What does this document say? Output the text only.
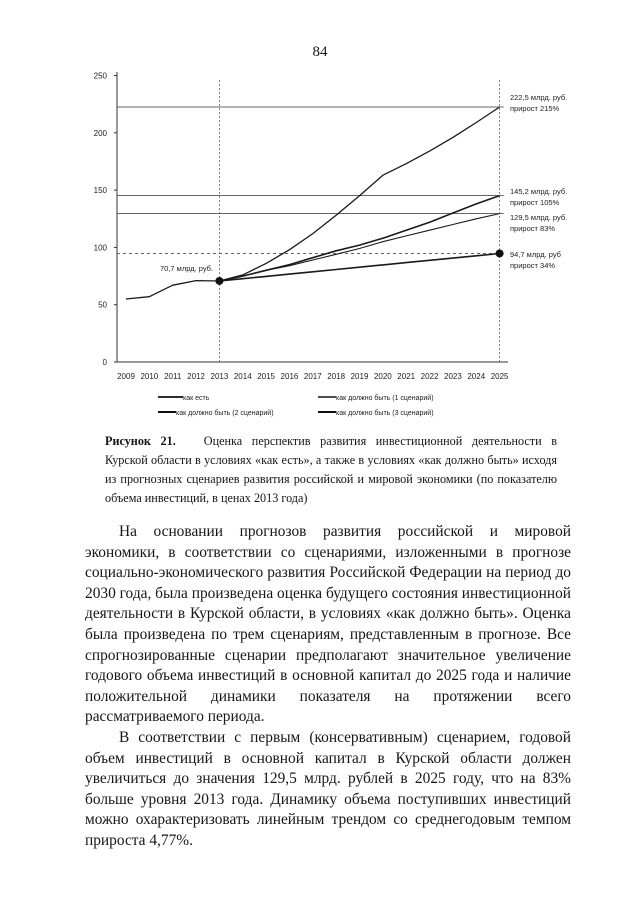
84
0
50
100
150
200
250
2009 2010 2011 2012 2013 2014 2015 2016 2017 2018 2019 2020 2021 2022 2023 2024 2025
222,5 млрд. руб.
прирост 215%
145,2 млрд. руб.
прирост 105%
129,5 млрд. руб.
прирост 83%
94,7 млрд. руб
прирост 34%
70,7 млрд. руб.
как есть	как должно быть (1 сценарий)
как должно быть (2 сценарий)	как должно быть (3 сценарий)
Рисунок 21. Оценка перспектив развития инвестиционной деятельности в Курской области в условиях «как есть», а также в условиях «как должно быть» исходя из прогнозных сценариев развития российской и мировой экономики (по показателю объема инвестиций, в ценах 2013 года)

На основании прогнозов развития российской и мировой экономики, в соответствии со сценариями, изложенными в прогнозе социально-экономического развития Российской Федерации на период до 2030 года, была произведена оценка будущего состояния инвестиционной деятельности в Курской области, в условиях «как должно быть». Оценка была произведена по трем сценариям, представленным в прогнозе. Все спрогнозированные сценарии предполагают значительное увеличение годового объема инвестиций в основной капитал до 2025 года и наличие положительной динамики показателя на протяжении всего рассматриваемого периода.

В соответствии с первым (консервативным) сценарием, годовой объем инвестиций в основной капитал в Курской области должен увеличиться до значения 129,5 млрд. рублей в 2025 году, что на 83% больше уровня 2013 года. Динамику объема поступивших инвестиций можно охарактеризовать линейным трендом со среднегодовым темпом прироста 4,77%.
